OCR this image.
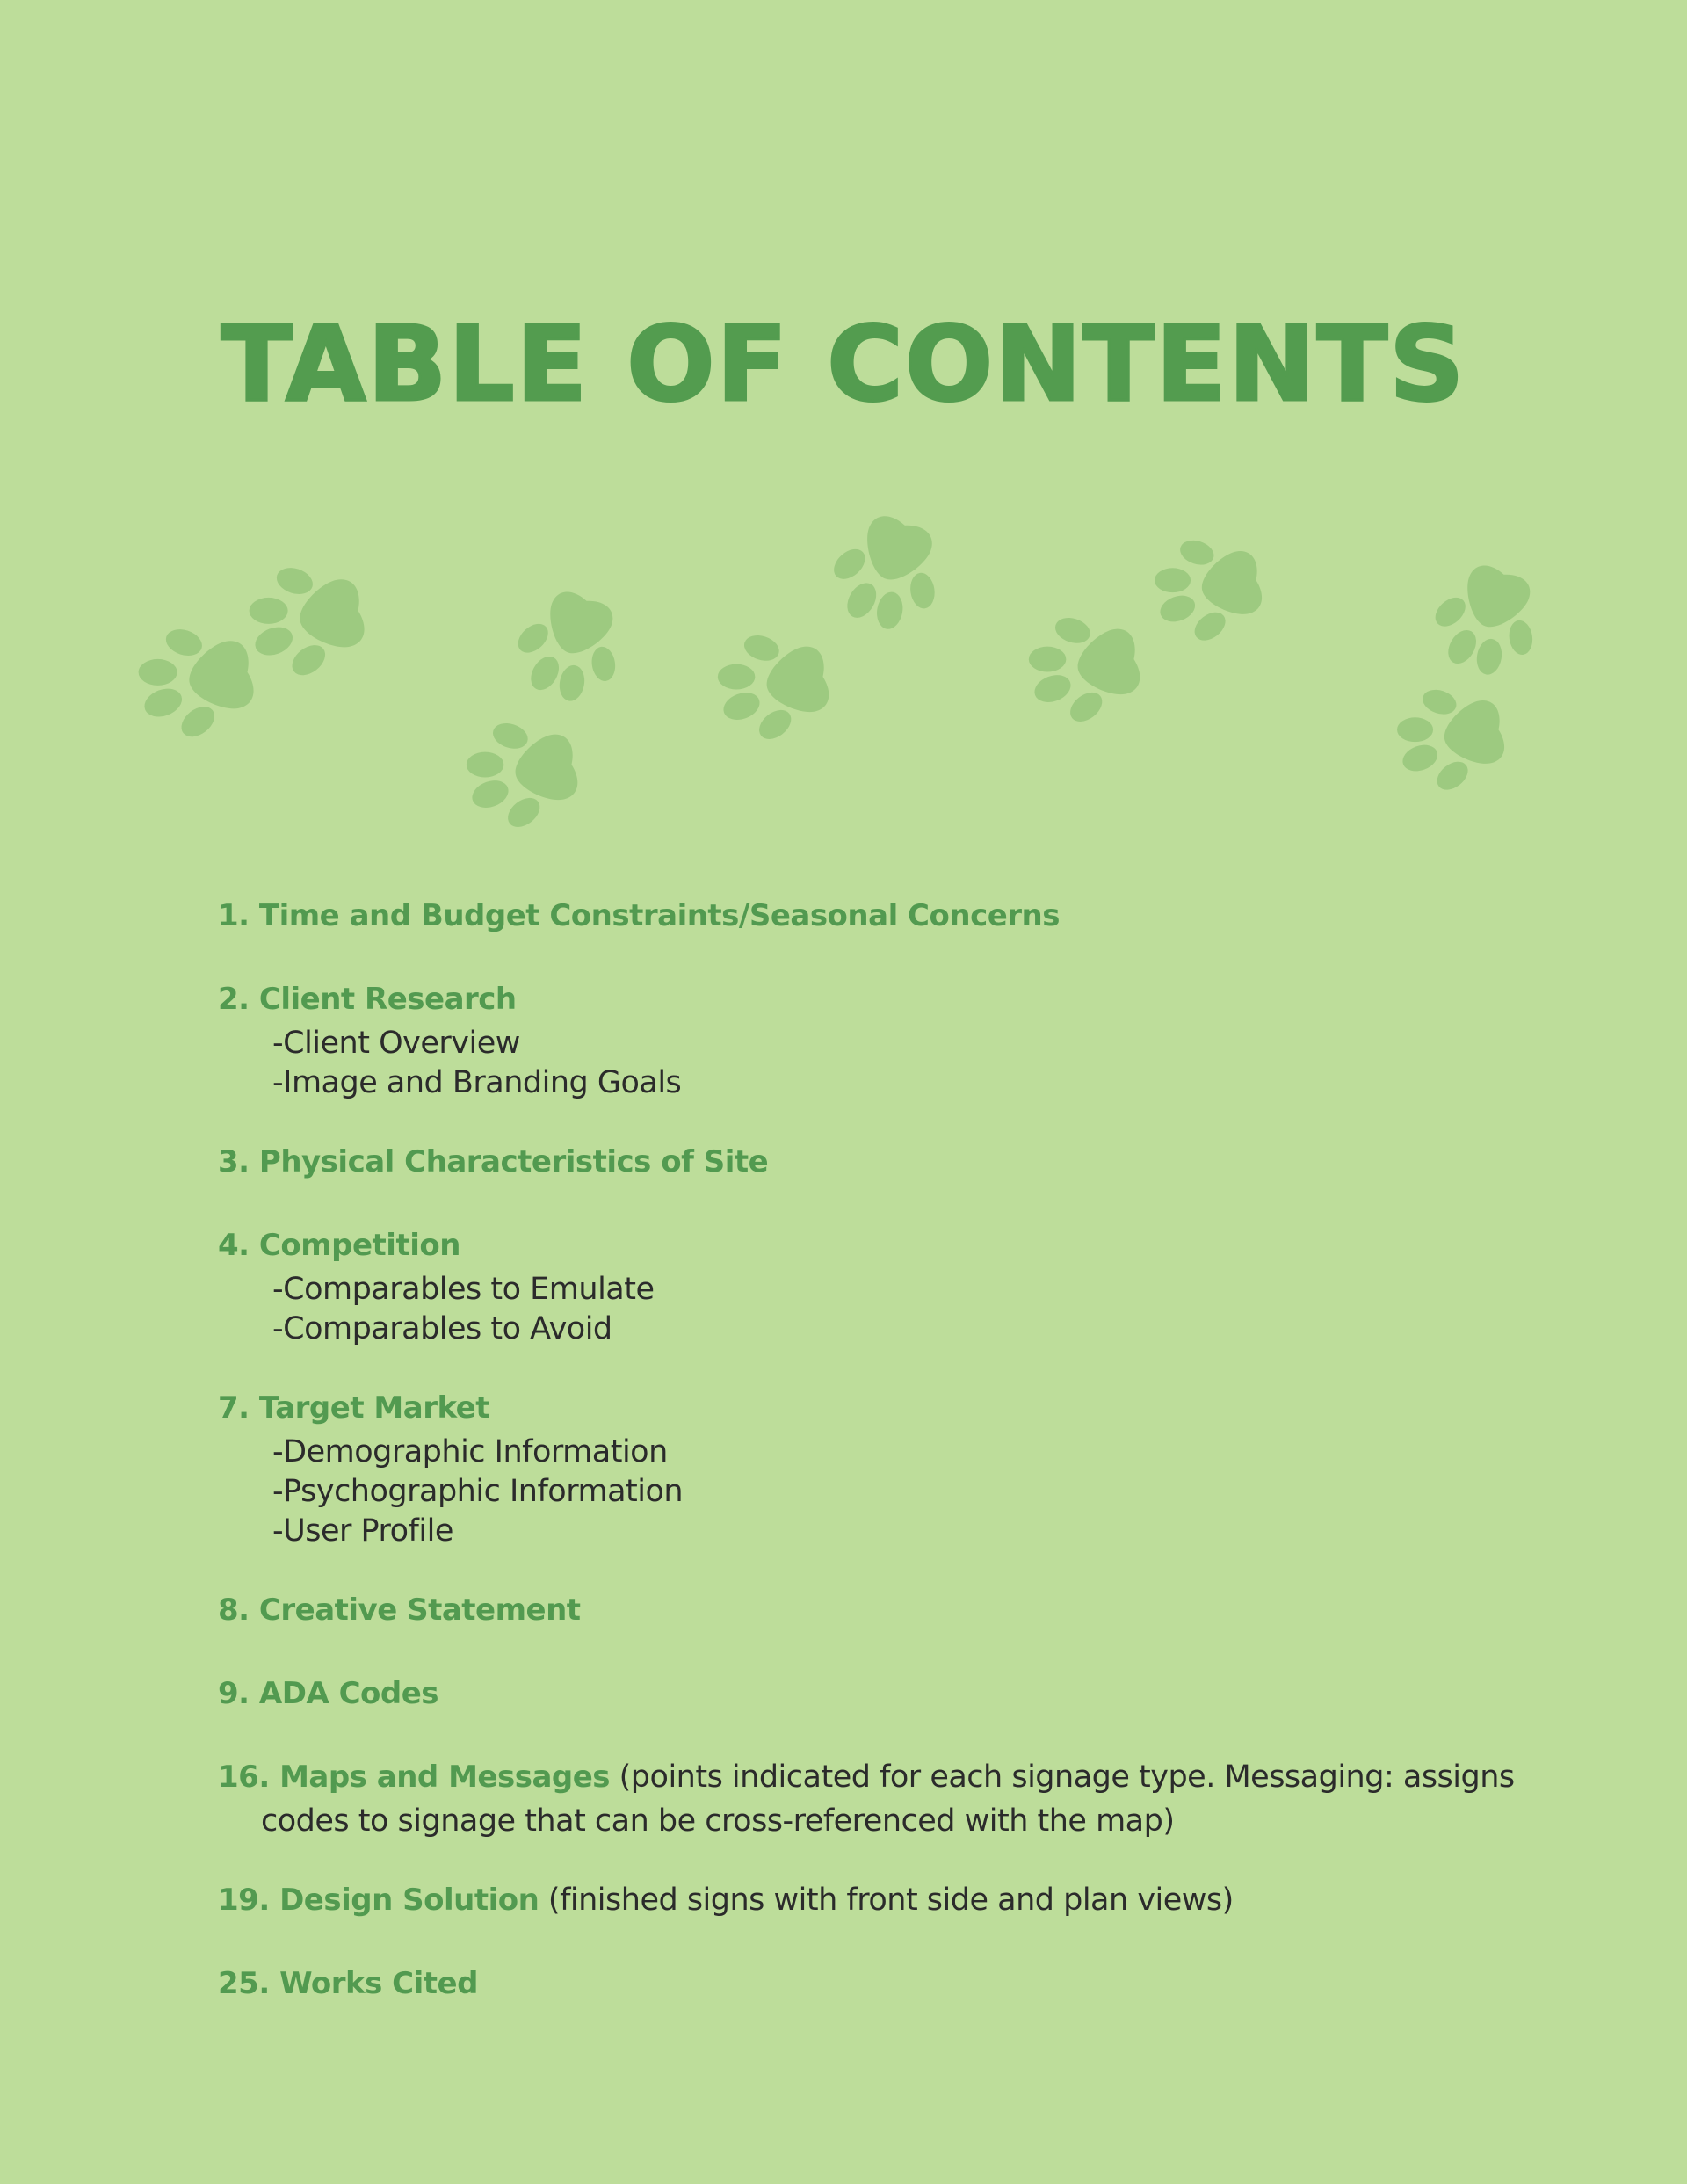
TABLE OF CONTENTS
1. Time and Budget Constraints/Seasonal Concerns
2. Client Research
-Client Overview
-Image and Branding Goals
3. Physical Characteristics of Site
4. Competition
-Comparables to Emulate
-Comparables to Avoid
7. Target Market
-Demographic Information
-Psychographic Information
-User Profile
8. Creative Statement
9. ADA Codes
16. Maps and Messages (points indicated for each signage type. Messaging: assigns
codes to signage that can be cross-referenced with the map)
19. Design Solution (finished signs with front side and plan views)
25. Works Cited
